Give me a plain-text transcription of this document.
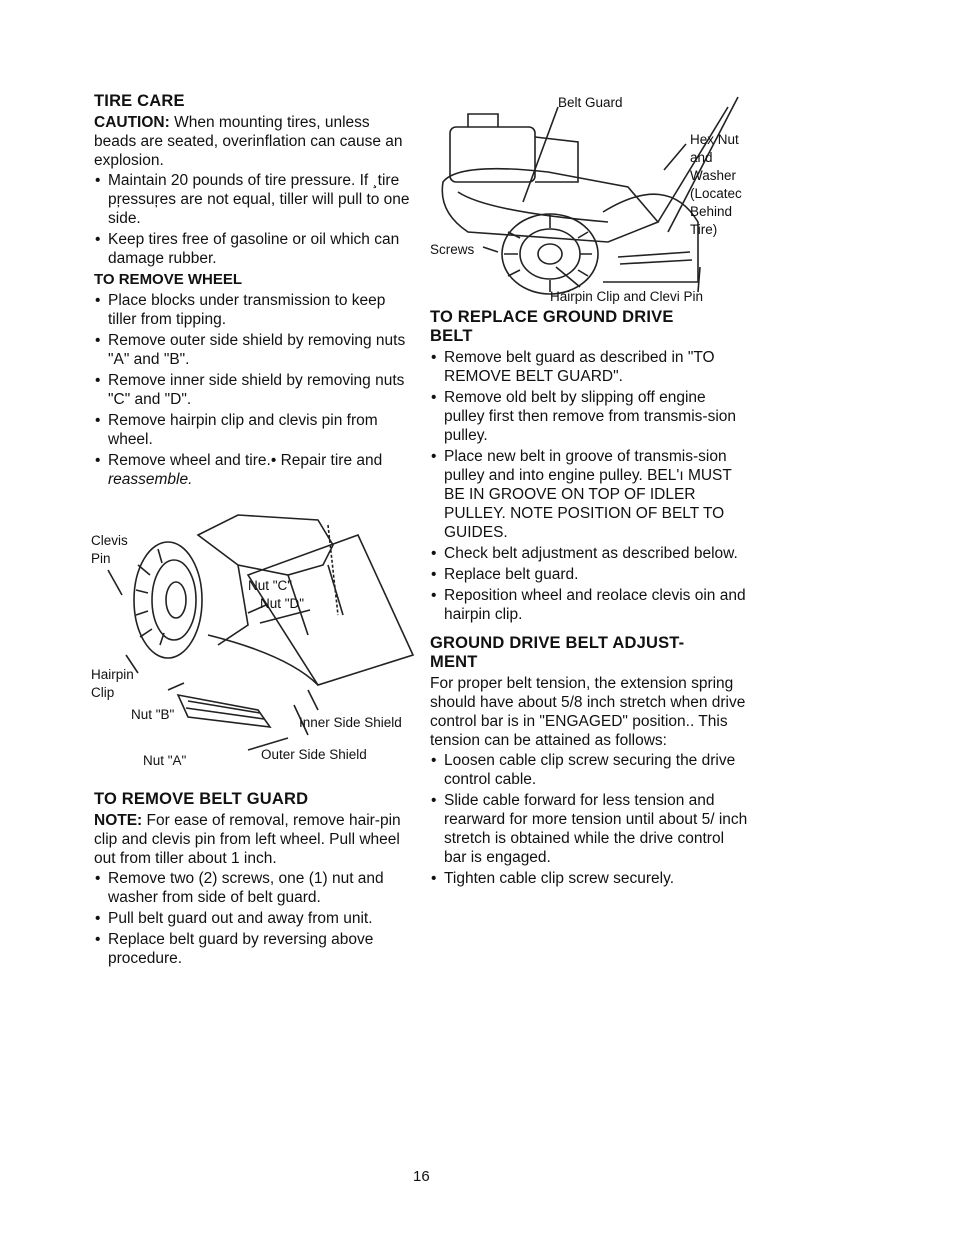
TIRE CARE

CAUTION: When mounting tires, unless beads are seated, overinflation can cause an explosion.

• Maintain 20 pounds of tire pressure. If ¸tire pŗessuŗes are not equal, tiller will pull to one side.
• Keep tires free of gasoline or oil which can damage rubber.
TO REMOVE WHEEL
• Place blocks under transmission to keep tiller from tipping.
• Remove outer side shield by removing nuts "A" and "B".
• Remove inner side shield by removing nuts "C" and "D".
• Remove hairpin clip and clevis pin from wheel.
• Remove wheel and tire.• Repair tire and reassemble.
Clevis
Pin
Nut "C"
Nut "D"
Hairpin
Clip
Nut "B"
Inner Side Shield
Nut "A"	Outer Side Shield
TO REMOVE BELT GUARD

NOTE: For ease of removal, remove hair-pin clip and clevis pin from left wheel. Pull wheel out from tiller about 1 inch.

• Remove two (2) screws, one (1) nut and washer from side of belt guard.
• Pull belt guard out and away from unit.
• Replace belt guard by reversing above procedure.
Belt Guard
Hex Nut
and
Washer
(Locatec
Behind
Tire)
Screws
Hairpin Clip and Clevi Pin
TO REPLACE GROUND DRIVE
BELT
• Remove belt guard as described in "TO REMOVE BELT GUARD".
• Remove old belt by slipping off engine pulley first then remove from transmis-sion pulley.
• Place new belt in groove of transmis-sion pulley and into engine pulley. BEL'ı MUST BE IN GROOVE ON TOP OF IDLER PULLEY. NOTE POSITION OF BELT TO GUIDES.
• Check belt adjustment as described below.
• Replace belt guard.
• Reposition wheel and reolace clevis oin and hairpin clip.
GROUND DRIVE BELT ADJUST-
MENT

For proper belt tension, the extension spring should have about 5/8 inch stretch when drive control bar is in "ENGAGED" position.. This tension can be attained as follows:

• Loosen cable clip screw securing the drive control cable.
• Slide cable forward for less tension and rearward for more tension until about 5/ inch stretch is obtained while the drive control bar is engaged.
• Tighten cable clip screw securely.
16
